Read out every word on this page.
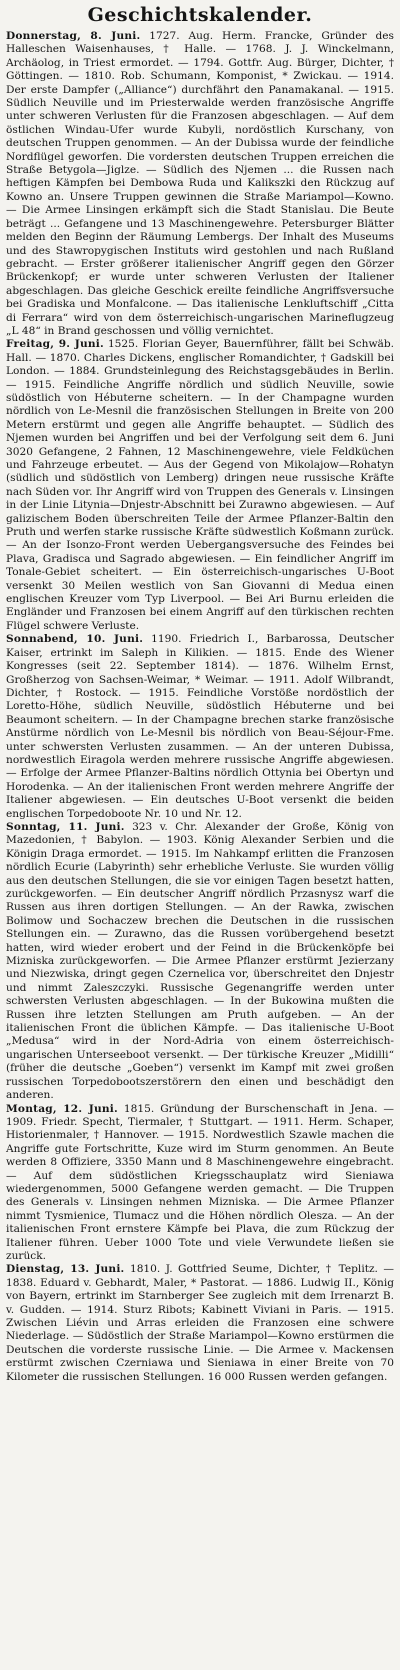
Geschichtskalender.

Donnerstag, 8. Juni. 1727. Aug. Herm. Francke, Gründer des Halleschen Waisenhauses, † Halle. — 1768. J. J. Winckelmann, Archäolog, in Triest ermordet. — 1794. Gottfr. Aug. Bürger, Dichter, † Göttingen. — 1810. Rob. Schumann, Komponist, * Zwickau. — 1914. Der erste Dampfer („Alliance“) durchfährt den Panamakanal. — 1915. Südlich Neuville und im Priesterwalde werden französische Angriffe unter schweren Verlusten für die Franzosen abgeschlagen. — Auf dem östlichen Windau-Ufer wurde Kubyli, nordöstlich Kurschany, von deutschen Truppen genommen. — An der Dubissa wurde der feindliche Nordflügel geworfen. Die vordersten deutschen Truppen erreichen die Straße Betygola—Jiglze. — Südlich des Njemen ... die Russen nach heftigen Kämpfen bei Dembowa Ruda und Kalikszki den Rückzug auf Kowno an. Unsere Truppen gewinnen die Straße Mariampol—Kowno. — Die Armee Linsingen erkämpft sich die Stadt Stanislau. Die Beute beträgt ... Gefangene und 13 Maschinengewehre. Petersburger Blätter melden den Beginn der Räumung Lembergs. Der Inhalt des Museums und des Stawropygischen Instituts wird gestohlen und nach Rußland gebracht. — Erster größerer italienischer Angriff gegen den Görzer Brückenkopf; er wurde unter schweren Verlusten der Italiener abgeschlagen. Das gleiche Geschick ereilte feindliche Angriffsversuche bei Gradiska und Monfalcone. — Das italienische Lenkluftschiff „Citta di Ferrara“ wird von dem österreichisch-ungarischen Marineflugzeug „L 48“ in Brand geschossen und völlig vernichtet.

Freitag, 9. Juni. 1525. Florian Geyer, Bauernführer, fällt bei Schwäb. Hall. — 1870. Charles Dickens, englischer Romandichter, † Gadskill bei London. — 1884. Grundsteinlegung des Reichstagsgebäudes in Berlin. — 1915. Feindliche Angriffe nördlich und südlich Neuville, sowie südöstlich von Hébuterne scheitern. — In der Champagne wurden nördlich von Le-Mesnil die französischen Stellungen in Breite von 200 Metern erstürmt und gegen alle Angriffe behauptet. — Südlich des Njemen wurden bei Angriffen und bei der Verfolgung seit dem 6. Juni 3020 Gefangene, 2 Fahnen, 12 Maschinengewehre, viele Feldküchen und Fahrzeuge erbeutet. — Aus der Gegend von Mikolajow—Rohatyn (südlich und südöstlich von Lemberg) dringen neue russische Kräfte nach Süden vor. Ihr Angriff wird von Truppen des Generals v. Linsingen in der Linie Litynia—Dnjestr-Abschnitt bei Zurawno abgewiesen. — Auf galizischem Boden überschreiten Teile der Armee Pflanzer-Baltin den Pruth und werfen starke russische Kräfte südwestlich Koßmann zurück. — An der Isonzo-Front werden Uebergangsversuche des Feindes bei Plava, Gradisca und Sagrado abgewiesen. — Ein feindlicher Angriff im Tonale-Gebiet scheitert. — Ein österreichisch-ungarisches U-Boot versenkt 30 Meilen westlich von San Giovanni di Medua einen englischen Kreuzer vom Typ Liverpool. — Bei Ari Burnu erleiden die Engländer und Franzosen bei einem Angriff auf den türkischen rechten Flügel schwere Verluste.

Sonnabend, 10. Juni. 1190. Friedrich I., Barbarossa, Deutscher Kaiser, ertrinkt im Saleph in Kilikien. — 1815. Ende des Wiener Kongresses (seit 22. September 1814). — 1876. Wilhelm Ernst, Großherzog von Sachsen-Weimar, * Weimar. — 1911. Adolf Wilbrandt, Dichter, † Rostock. — 1915. Feindliche Vorstöße nordöstlich der Loretto-Höhe, südlich Neuville, südöstlich Hébuterne und bei Beaumont scheitern. — In der Champagne brechen starke französische Anstürme nördlich von Le-Mesnil bis nördlich von Beau-Séjour-Fme. unter schwersten Verlusten zusammen. — An der unteren Dubissa, nordwestlich Eiragola werden mehrere russische Angriffe abgewiesen. — Erfolge der Armee Pflanzer-Baltins nördlich Ottynia bei Obertyn und Horodenka. — An der italienischen Front werden mehrere Angriffe der Italiener abgewiesen. — Ein deutsches U-Boot versenkt die beiden englischen Torpedoboote Nr. 10 und Nr. 12.

Sonntag, 11. Juni. 323 v. Chr. Alexander der Große, König von Mazedonien, † Babylon. — 1903. König Alexander Serbien und die Königin Draga ermordet. — 1915. Im Nahkampf erlitten die Franzosen nördlich Ecurie (Labyrinth) sehr erhebliche Verluste. Sie wurden völlig aus den deutschen Stellungen, die sie vor einigen Tagen besetzt hatten, zurückgeworfen. — Ein deutscher Angriff nördlich Przasnysz warf die Russen aus ihren dortigen Stellungen. — An der Rawka, zwischen Bolimow und Sochaczew brechen die Deutschen in die russischen Stellungen ein. — Zurawno, das die Russen vorübergehend besetzt hatten, wird wieder erobert und der Feind in die Brückenköpfe bei Mizniska zurückgeworfen. — Die Armee Pflanzer erstürmt Jezierzany und Niezwiska, dringt gegen Czernelica vor, überschreitet den Dnjestr und nimmt Zaleszczyki. Russische Gegenangriffe werden unter schwersten Verlusten abgeschlagen. — In der Bukowina mußten die Russen ihre letzten Stellungen am Pruth aufgeben. — An der italienischen Front die üblichen Kämpfe. — Das italienische U-Boot „Medusa“ wird in der Nord-Adria von einem österreichisch-ungarischen Unterseeboot versenkt. — Der türkische Kreuzer „Midilli“ (früher die deutsche „Goeben“) versenkt im Kampf mit zwei großen russischen Torpedobootszerstörern den einen und beschädigt den anderen.

Montag, 12. Juni. 1815. Gründung der Burschenschaft in Jena. — 1909. Friedr. Specht, Tiermaler, † Stuttgart. — 1911. Herm. Schaper, Historienmaler, † Hannover. — 1915. Nordwestlich Szawle machen die Angriffe gute Fortschritte, Kuze wird im Sturm genommen. An Beute werden 8 Offiziere, 3350 Mann und 8 Maschinengewehre eingebracht. — Auf dem südöstlichen Kriegsschauplatz wird Sieniawa wiedergenommen, 5000 Gefangene werden gemacht. — Die Truppen des Generals v. Linsingen nehmen Mizniska. — Die Armee Pflanzer nimmt Tysmienice, Tlumacz und die Höhen nördlich Olesza. — An der italienischen Front ernstere Kämpfe bei Plava, die zum Rückzug der Italiener führen. Ueber 1000 Tote und viele Verwundete ließen sie zurück.

Dienstag, 13. Juni. 1810. J. Gottfried Seume, Dichter, † Teplitz. — 1838. Eduard v. Gebhardt, Maler, * Pastorat. — 1886. Ludwig II., König von Bayern, ertrinkt im Starnberger See zugleich mit dem Irrenarzt B. v. Gudden. — 1914. Sturz Ribots; Kabinett Viviani in Paris. — 1915. Zwischen Liévin und Arras erleiden die Franzosen eine schwere Niederlage. — Südöstlich der Straße Mariampol—Kowno erstürmen die Deutschen die vorderste russische Linie. — Die Armee v. Mackensen erstürmt zwischen Czerniawa und Sieniawa in einer Breite von 70 Kilometer die russischen Stellungen. 16 000 Russen werden gefangen.
